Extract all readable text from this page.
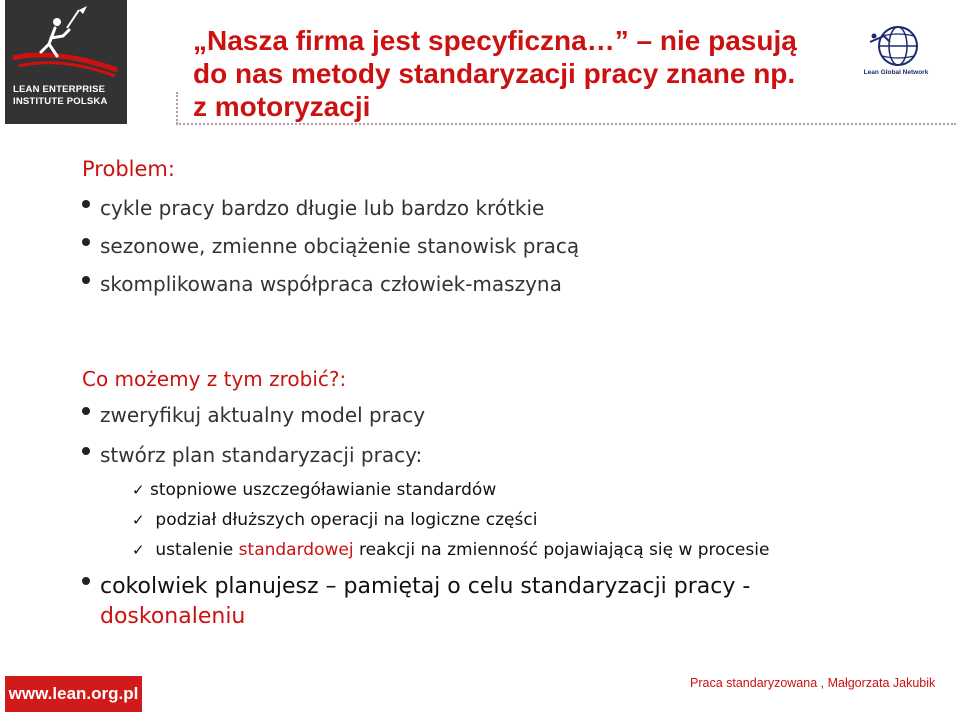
LEAN ENTERPRISE
INSTITUTE POLSKA
Lean Global Network
„Nasza firma jest specyficzna…” – nie pasują
do nas metody standaryzacji pracy znane np.
z motoryzacji
Problem:
cykle pracy bardzo długie lub bardzo krótkie
sezonowe, zmienne obciążenie stanowisk pracą
skomplikowana współpraca człowiek-maszyna
Co możemy z tym zrobić?:
zweryfikuj aktualny model pracy
stwórz plan standaryzacji pracy:
✓ stopniowe uszczegóławianie standardów
✓ podział dłuższych operacji na logiczne części
✓ ustalenie standardowej reakcji na zmienność pojawiającą się w procesie
cokolwiek planujesz – pamiętaj o celu standaryzacji pracy -
doskonaleniu
www.lean.org.pl
Praca standaryzowana , Małgorzata Jakubik
